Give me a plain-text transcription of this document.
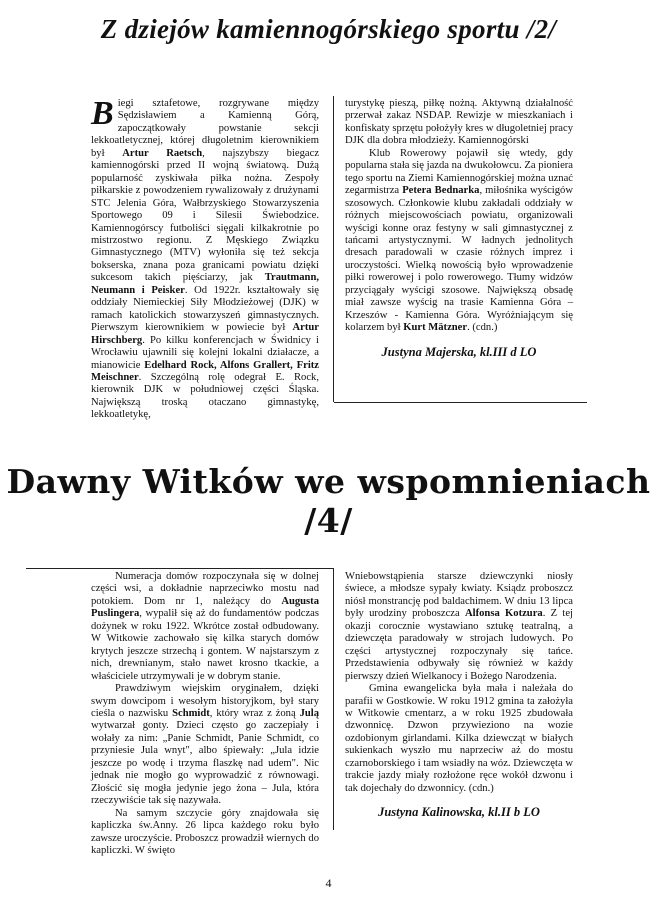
Z dziejów kamiennogórskiego sportu /2/
B iegi sztafetowe, rozgrywane między Sędzisławiem a Kamienną Górą, zapoczątkowały powstanie sekcji lekkoatletycznej, której długoletnim kierownikiem był Artur Raetsch, najszybszy biegacz kamiennogórski przed II wojną światową. Dużą popularność zyskiwała piłka nożna. Zespoły piłkarskie z powodzeniem rywalizowały z drużynami STC Jelenia Góra, Wałbrzyskiego Stowarzyszenia Sportowego 09 i Silesii Świebodzice. Kamiennogórscy futboliści sięgali kilkakrotnie po mistrzostwo regionu. Z Męskiego Związku Gimnastycznego (MTV) wyłoniła się też sekcja bokserska, znana poza granicami powiatu dzięki sukcesom takich pięściarzy, jak Trautmann, Neumann i Peisker. Od 1922r. kształtowały się oddziały Niemieckiej Siły Młodzieżowej (DJK) w ramach katolickich stowarzyszeń gimnastycznych. Pierwszym kierownikiem w powiecie był Artur Hirschberg. Po kilku konferencjach w Świdnicy i Wrocławiu ujawnili się kolejni lokalni działacze, a mianowicie Edelhard Rock, Alfons Grallert, Fritz Meischner. Szczególną rolę odegrał E. Rock, kierownik DJK w południowej części Śląska. Największą troską otaczano gimnastykę, lekkoatletykę,

turystykę pieszą, piłkę nożną. Aktywną działalność przerwał zakaz NSDAP. Rewizje w mieszkaniach i konfiskaty sprzętu położyły kres w długoletniej pracy DJK dla dobra młodzieży. Kamiennogórski

Klub Rowerowy pojawił się wtedy, gdy popularna stała się jazda na dwukołowcu. Za pioniera tego sportu na Ziemi Kamiennogórskiej można uznać zegarmistrza Petera Bednarka, miłośnika wyścigów szosowych. Członkowie klubu zakładali oddziały w różnych miejscowościach powiatu, organizowali wyścigi konne oraz festyny w sali gimnastycznej z tańcami artystycznymi. W ładnych jednolitych dresach paradowali w czasie różnych imprez i uroczystości. Wielką nowością było wprowadzenie piłki rowerowej i polo rowerowego. Tłumy widzów przyciągały wyścigi szosowe. Największą obsadę miał zawsze wyścig na trasie Kamienna Góra – Krzeszów - Kamienna Góra. Wyróżniającym się kolarzem był Kurt Mätzner. (cdn.)

Justyna Majerska, kl.III d LO

Dawny Witków we wspomnieniach /4/

Numeracja domów rozpoczynała się w dolnej części wsi, a dokładnie naprzeciwko mostu nad potokiem. Dom nr 1, należący do Augusta Puslingera, wypalił się aż do fundamentów podczas dożynek w roku 1922. Wkrótce został odbudowany. W Witkowie zachowało się kilka starych domów krytych jeszcze strzechą i gontem. W najstarszym z nich, drewnianym, stało nawet krosno tkackie, a właściciele utrzymywali je w dobrym stanie.

Prawdziwym wiejskim oryginałem, dzięki swym dowcipom i wesołym historyjkom, był stary cieśla o nazwisku Schmidt, który wraz z żoną Julą wytwarzał gonty. Dzieci często go zaczepiały i wołały za nim: „Panie Schmidt, Panie Schmidt, co przyniesie Jula wnyt", albo śpiewały: „Jula idzie jeszcze po wodę i trzyma flaszkę nad udem". Nic jednak nie mogło go wyprowadzić z równowagi. Złościć się mogła jedynie jego żona – Jula, która rzeczywiście tak się nazywała.

Na samym szczycie góry znajdowała się kapliczka św.Anny. 26 lipca każdego roku było zawsze uroczyście. Proboszcz prowadził wiernych do kapliczki. W święto

Wniebowstąpienia starsze dziewczynki niosły świece, a młodsze sypały kwiaty. Ksiądz proboszcz niósł monstrancję pod baldachimem. W dniu 13 lipca były urodziny proboszcza Alfonsa Kotzura. Z tej okazji corocznie wystawiano sztukę teatralną, a dziewczęta paradowały w strojach ludowych. Po części artystycznej rozpoczynały się tańce. Przedstawienia odbywały się również w każdy pierwszy dzień Wielkanocy i Bożego Narodzenia.

Gmina ewangelicka była mała i należała do parafii w Gostkowie. W roku 1912 gmina ta założyła w Witkowie cmentarz, a w roku 1925 zbudowała dzwonnicę. Dzwon przywieziono na wozie ozdobionym girlandami. Kilka dziewcząt w białych sukienkach wyszło mu naprzeciw aż do mostu czarnoborskiego i tam wsiadły na wóz. Dziewczęta w trakcie jazdy miały rozłożone ręce wokół dzwonu i tak dojechały do dzwonnicy. (cdn.)

Justyna Kalinowska, kl.II b LO

4
